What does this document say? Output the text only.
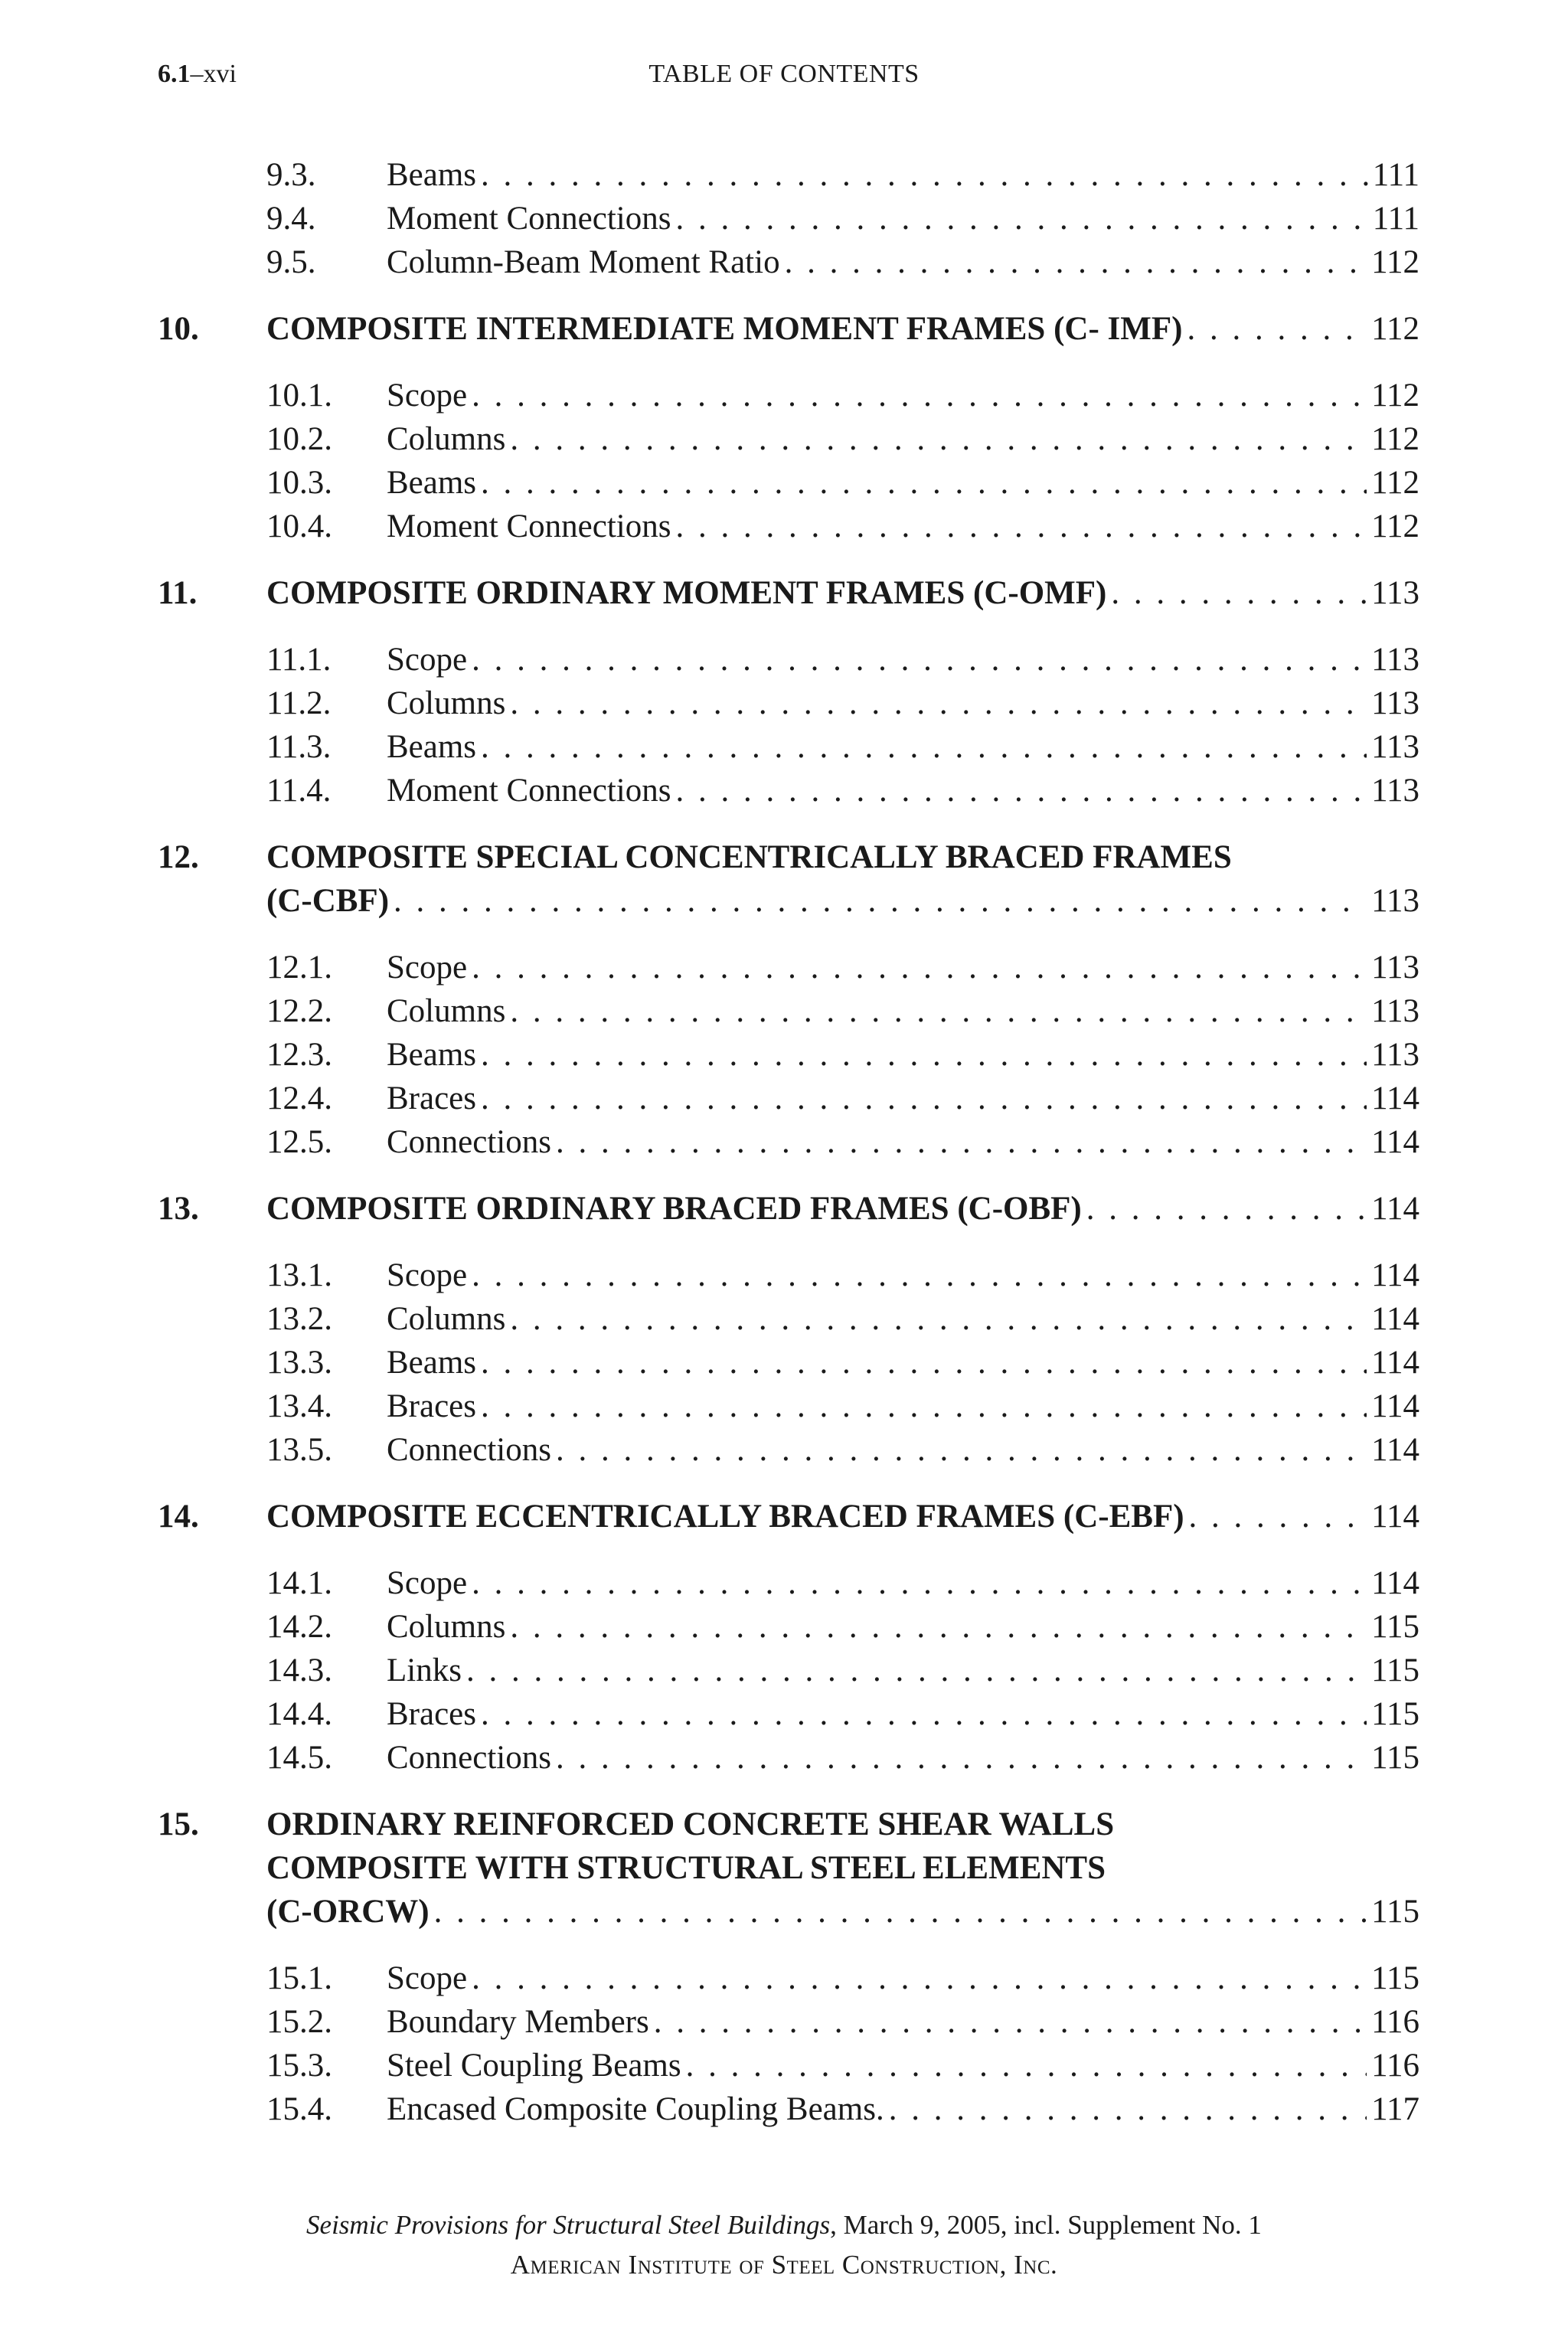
6.1–xvi	TABLE OF CONTENTS
9.3. Beams . . .	111
9.4. Moment Connections . . .	111
9.5. Column-Beam Moment Ratio . . .	112
10. COMPOSITE INTERMEDIATE MOMENT FRAMES (C- IMF) . . .	112
10.1. Scope . . .	112
10.2. Columns . . .	112
10.3. Beams . . .	112
10.4. Moment Connections . . .	112
11. COMPOSITE ORDINARY MOMENT FRAMES (C-OMF) . . .	113
11.1. Scope . . .	113
11.2. Columns . . .	113
11.3. Beams . . .	113
11.4. Moment Connections . . .	113
12. COMPOSITE SPECIAL CONCENTRICALLY BRACED FRAMES
(C-CBF) . . .	113
12.1. Scope . . .	113
12.2. Columns . . .	113
12.3. Beams . . .	113
12.4. Braces . . .	114
12.5. Connections . . .	114
13. COMPOSITE ORDINARY BRACED FRAMES (C-OBF) . . .	114
13.1. Scope . . .	114
13.2. Columns . . .	114
13.3. Beams . . .	114
13.4. Braces . . .	114
13.5. Connections . . .	114
14. COMPOSITE ECCENTRICALLY BRACED FRAMES (C-EBF) . . .	114
14.1. Scope . . .	114
14.2. Columns . . .	115
14.3. Links . . .	115
14.4. Braces . . .	115
14.5. Connections . . .	115
15. ORDINARY REINFORCED CONCRETE SHEAR WALLS
COMPOSITE WITH STRUCTURAL STEEL ELEMENTS
(C-ORCW) . . .	115
15.1. Scope . . .	115
15.2. Boundary Members . . .	116
15.3. Steel Coupling Beams . . .	116
15.4. Encased Composite Coupling Beams. . . .	117
Seismic Provisions for Structural Steel Buildings, March 9, 2005, incl. Supplement No. 1
American Institute of Steel Construction, Inc.
